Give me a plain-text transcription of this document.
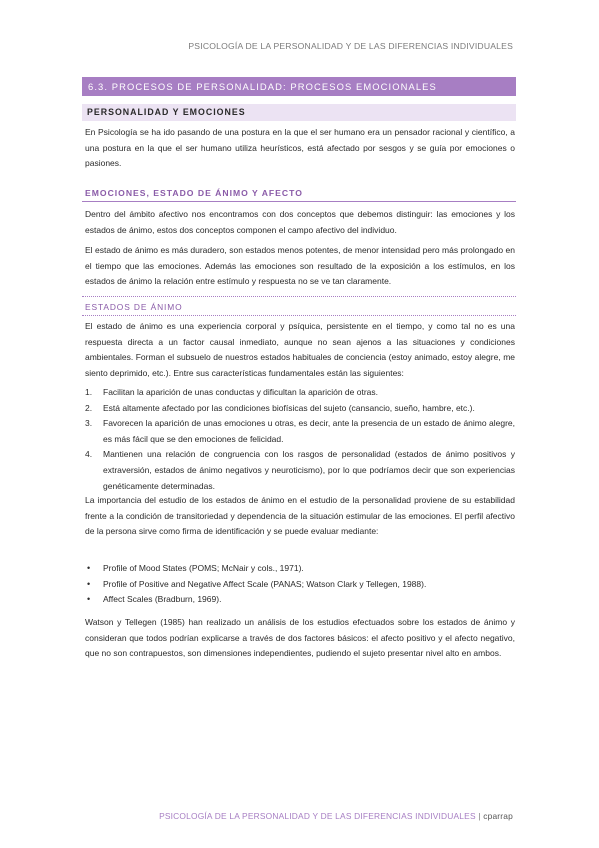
PSICOLOGÍA DE LA PERSONALIDAD Y DE LAS DIFERENCIAS INDIVIDUALES
6.3. PROCESOS DE PERSONALIDAD: PROCESOS EMOCIONALES
PERSONALIDAD Y EMOCIONES
En Psicología se ha ido pasando de una postura en la que el ser humano era un pensador racional y científico, a una postura en la que el ser humano utiliza heurísticos, está afectado por sesgos y se guía por emociones o pasiones.
EMOCIONES, ESTADO DE ÁNIMO Y AFECTO
Dentro del ámbito afectivo nos encontramos con dos conceptos que debemos distinguir: las emociones y los estados de ánimo, estos dos conceptos componen el campo afectivo del individuo.
El estado de ánimo es más duradero, son estados menos potentes, de menor intensidad pero más prolongado en el tiempo que las emociones. Además las emociones son resultado de la exposición a los estímulos, en los estados de ánimo la relación entre estímulo y respuesta no se ve tan claramente.
ESTADOS DE ÁNIMO
El estado de ánimo es una experiencia corporal y psíquica, persistente en el tiempo, y como tal no es una respuesta directa a un factor causal inmediato, aunque no sean ajenos a las situaciones y condiciones ambientales. Forman el subsuelo de nuestros estados habituales de conciencia (estoy animado, estoy alegre, me siento deprimido, etc.). Entre sus características fundamentales están las siguientes:
1. Facilitan la aparición de unas conductas y dificultan la aparición de otras.
2. Está altamente afectado por las condiciones biofísicas del sujeto (cansancio, sueño, hambre, etc.).
3. Favorecen la aparición de unas emociones u otras, es decir, ante la presencia de un estado de ánimo alegre, es más fácil que se den emociones de felicidad.
4. Mantienen una relación de congruencia con los rasgos de personalidad (estados de ánimo positivos y extraversión, estados de ánimo negativos y neuroticismo), por lo que podríamos decir que son experiencias genéticamente determinadas.
La importancia del estudio de los estados de ánimo en el estudio de la personalidad proviene de su estabilidad frente a la condición de transitoriedad y dependencia de la situación estimular de las emociones. El perfil afectivo de la persona sirve como firma de identificación y se puede evaluar mediante:
• Profile of Mood States (POMS; McNair y cols., 1971).
• Profile of Positive and Negative Affect Scale (PANAS; Watson Clark y Tellegen, 1988).
• Affect Scales (Bradburn, 1969).
Watson y Tellegen (1985) han realizado un análisis de los estudios efectuados sobre los estados de ánimo y consideran que todos podrían explicarse a través de dos factores básicos: el afecto positivo y el afecto negativo, que no son contrapuestos, son dimensiones independientes, pudiendo el sujeto presentar nivel alto en ambos.
PSICOLOGÍA DE LA PERSONALIDAD Y DE LAS DIFERENCIAS INDIVIDUALES | cparrap
